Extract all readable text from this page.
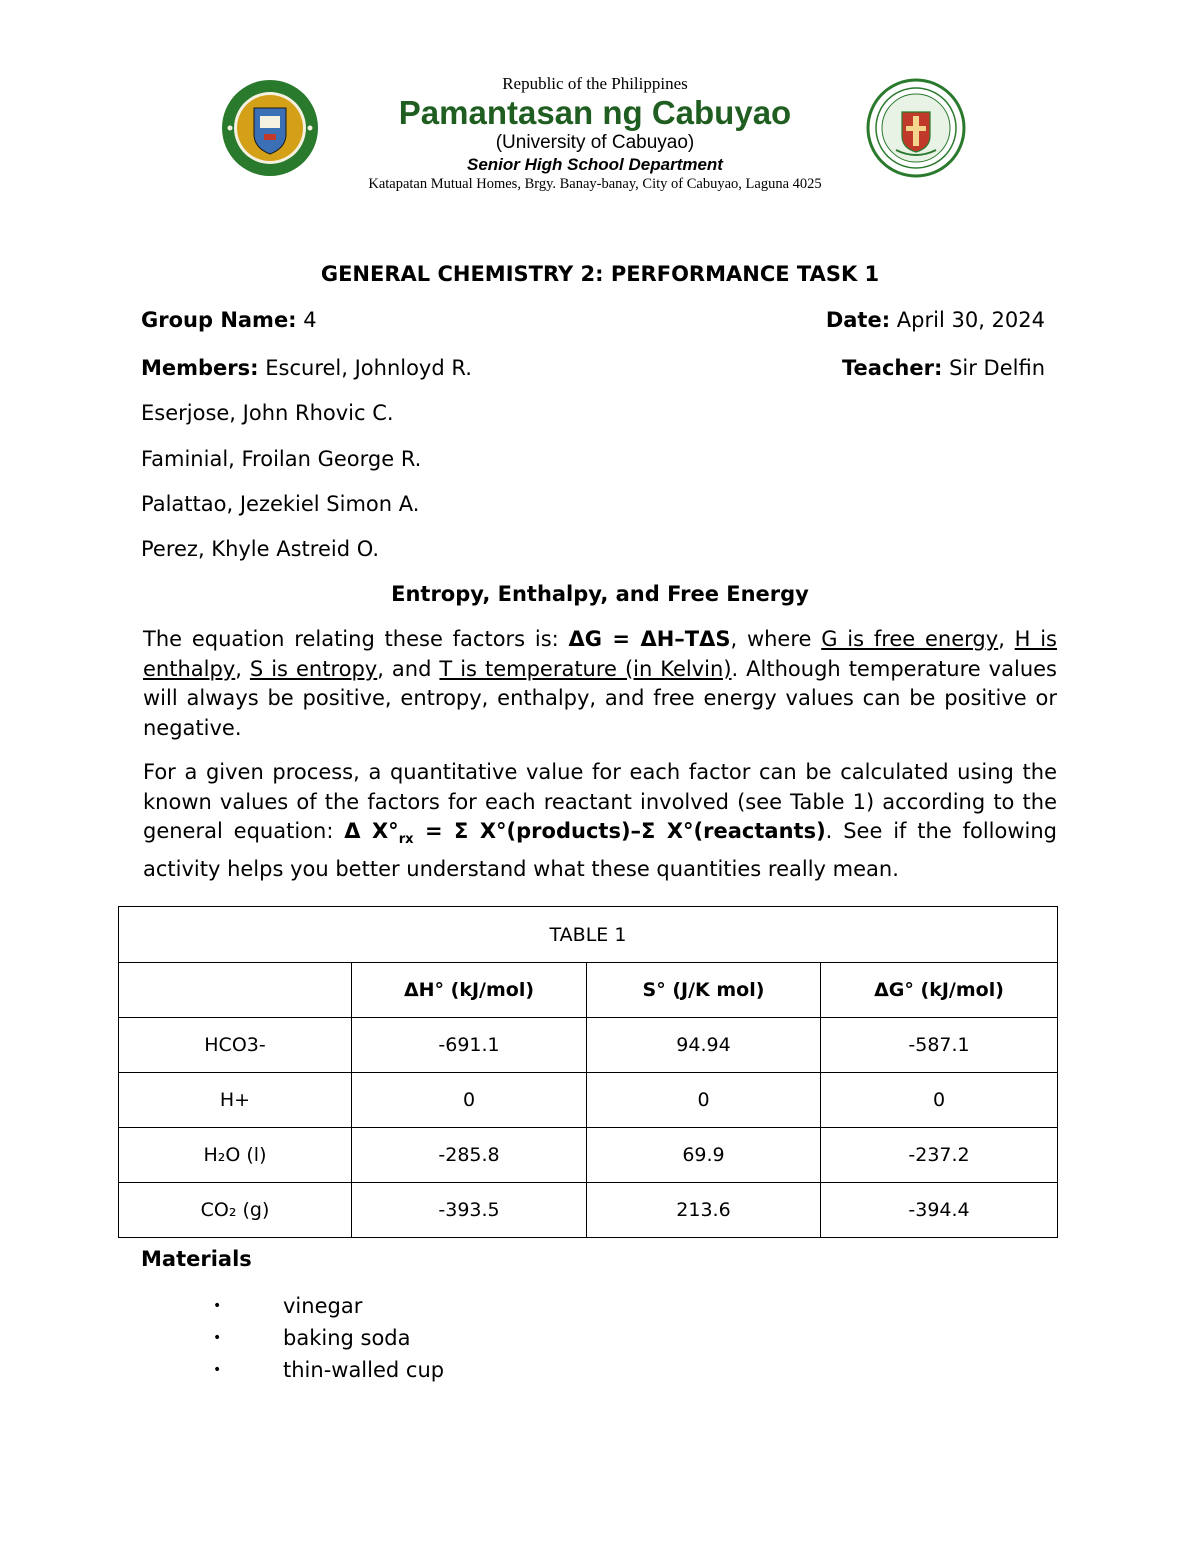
Republic of the Philippines
Pamantasan ng Cabuyao
(University of Cabuyao)
Senior High School Department
Katapatan Mutual Homes, Brgy. Banay-banay, City of Cabuyao, Laguna 4025
GENERAL CHEMISTRY 2: PERFORMANCE TASK 1
Group Name: 4	Date: April 30, 2024
Members: Escurel, Johnloyd R.	Teacher: Sir Delfin
Eserjose, John Rhovic C.
Faminial, Froilan George R.
Palattao, Jezekiel Simon A.
Perez, Khyle Astreid O.
Entropy, Enthalpy, and Free Energy
The equation relating these factors is: ΔG = ΔH–TΔS, where G is free energy, H is enthalpy, S is entropy, and T is temperature (in Kelvin). Although temperature values will always be positive, entropy, enthalpy, and free energy values can be positive or negative.
For a given process, a quantitative value for each factor can be calculated using the known values of the factors for each reactant involved (see Table 1) according to the general equation: Δ $X^\circ_{rx} = \Sigma$ X°(products)–Σ X°(reactants). See if the following activity helps you better understand what these quantities really mean.
TABLE 1			
	ΔH° (kJ/mol)	S° (J/K mol)	ΔG° (kJ/mol)
HCO3-	-691.1	94.94	-587.1
H+	0	0	0
H₂O (l)	-285.8	69.9	-237.2
CO₂ (g)	-393.5	213.6	-394.4
Materials
•	vinegar
•	baking soda
•	thin-walled cup
